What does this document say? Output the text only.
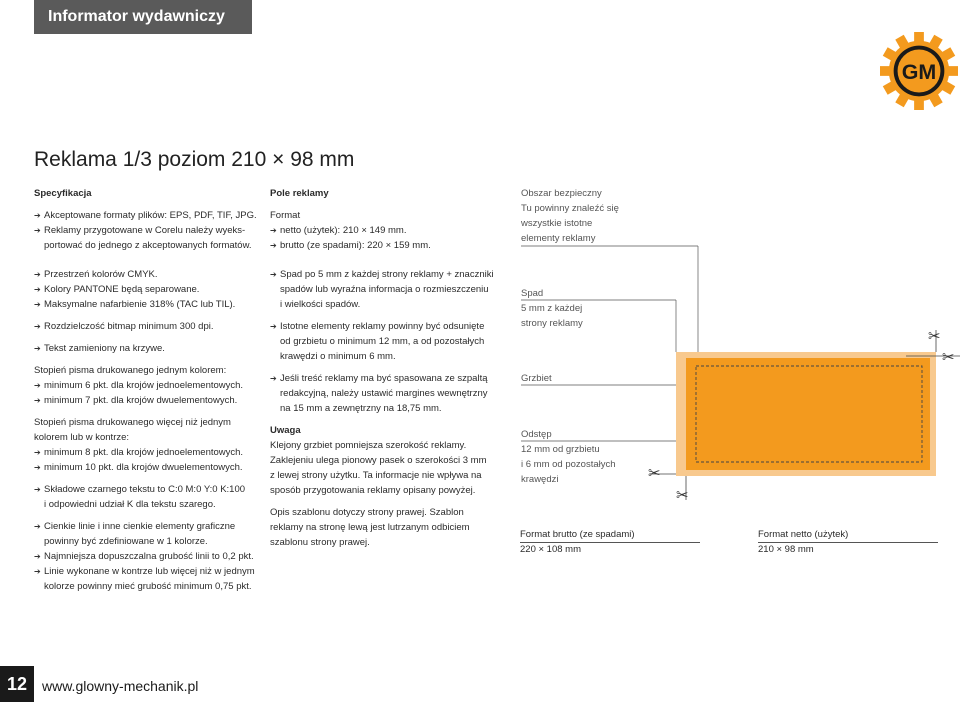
Informator wydawniczy 2015
GM
Reklama 1/3 poziom 210 × 98 mm
Specyfikacja
➔ Akceptowane formaty plików: EPS, PDF, TIF, JPG.
➔ Reklamy przygotowane w Corelu należy wyeks-
portować do jednego z akceptowanych formatów.
➔ Przestrzeń kolorów CMYK.
➔ Kolory PANTONE będą separowane.
➔ Maksymalne nafarbienie 318% (TAC lub TIL).
➔ Rozdzielczość bitmap minimum 300 dpi.
➔ Tekst zamieniony na krzywe.
Stopień pisma drukowanego jednym kolorem:
➔ minimum 6 pkt. dla krojów jednoelementowych.
➔ minimum 7 pkt. dla krojów dwuelementowych.
Stopień pisma drukowanego więcej niż jednym
kolorem lub w kontrze:
➔ minimum 8 pkt. dla krojów jednoelementowych.
➔ minimum 10 pkt. dla krojów dwuelementowych.
➔ Składowe czarnego tekstu to C:0 M:0 Y:0 K:100
i odpowiedni udział K dla tekstu szarego.
➔ Cienkie linie i inne cienkie elementy graficzne
powinny być zdefiniowane w 1 kolorze.
➔ Najmniejsza dopuszczalna grubość linii to 0,2 pkt.
➔ Linie wykonane w kontrze lub więcej niż w jednym
kolorze powinny mieć grubość minimum 0,75 pkt.
Pole reklamy
Format
➔ netto (użytek): 210 × 149 mm.
➔ brutto (ze spadami): 220 × 159 mm.
➔ Spad po 5 mm z każdej strony reklamy + znaczniki
spadów lub wyraźna informacja o rozmieszczeniu
i wielkości spadów.
➔ Istotne elementy reklamy powinny być odsunięte
od grzbietu o minimum 12 mm, a od pozostałych
krawędzi o minimum 6 mm.
➔ Jeśli treść reklamy ma być spasowana ze szpaltą
redakcyjną, należy ustawić margines wewnętrzny
na 15 mm a zewnętrzny na 18,75 mm.
Uwaga
Klejony grzbiet pomniejsza szerokość reklamy.
Zaklejeniu ulega pionowy pasek o szerokości 3 mm
z lewej strony użytku. Ta informacje nie wpływa na
sposób przygotowania reklamy opisany powyżej.
Opis szablonu dotyczy strony prawej. Szablon
reklamy na stronę lewą jest lutrzanym odbiciem
szablonu strony prawej.
Obszar bezpieczny
Tu powinny znaleźć się
wszystkie istotne
elementy reklamy
Spad
5 mm z każdej
strony reklamy
Grzbiet
Odstęp
12 mm od grzbietu
i 6 mm od pozostałych
krawędzi
✂
✂
✂
✂
Format brutto (ze spadami)
220 × 108 mm
Format netto (użytek)
210 × 98 mm
12	www.glowny-mechanik.pl
